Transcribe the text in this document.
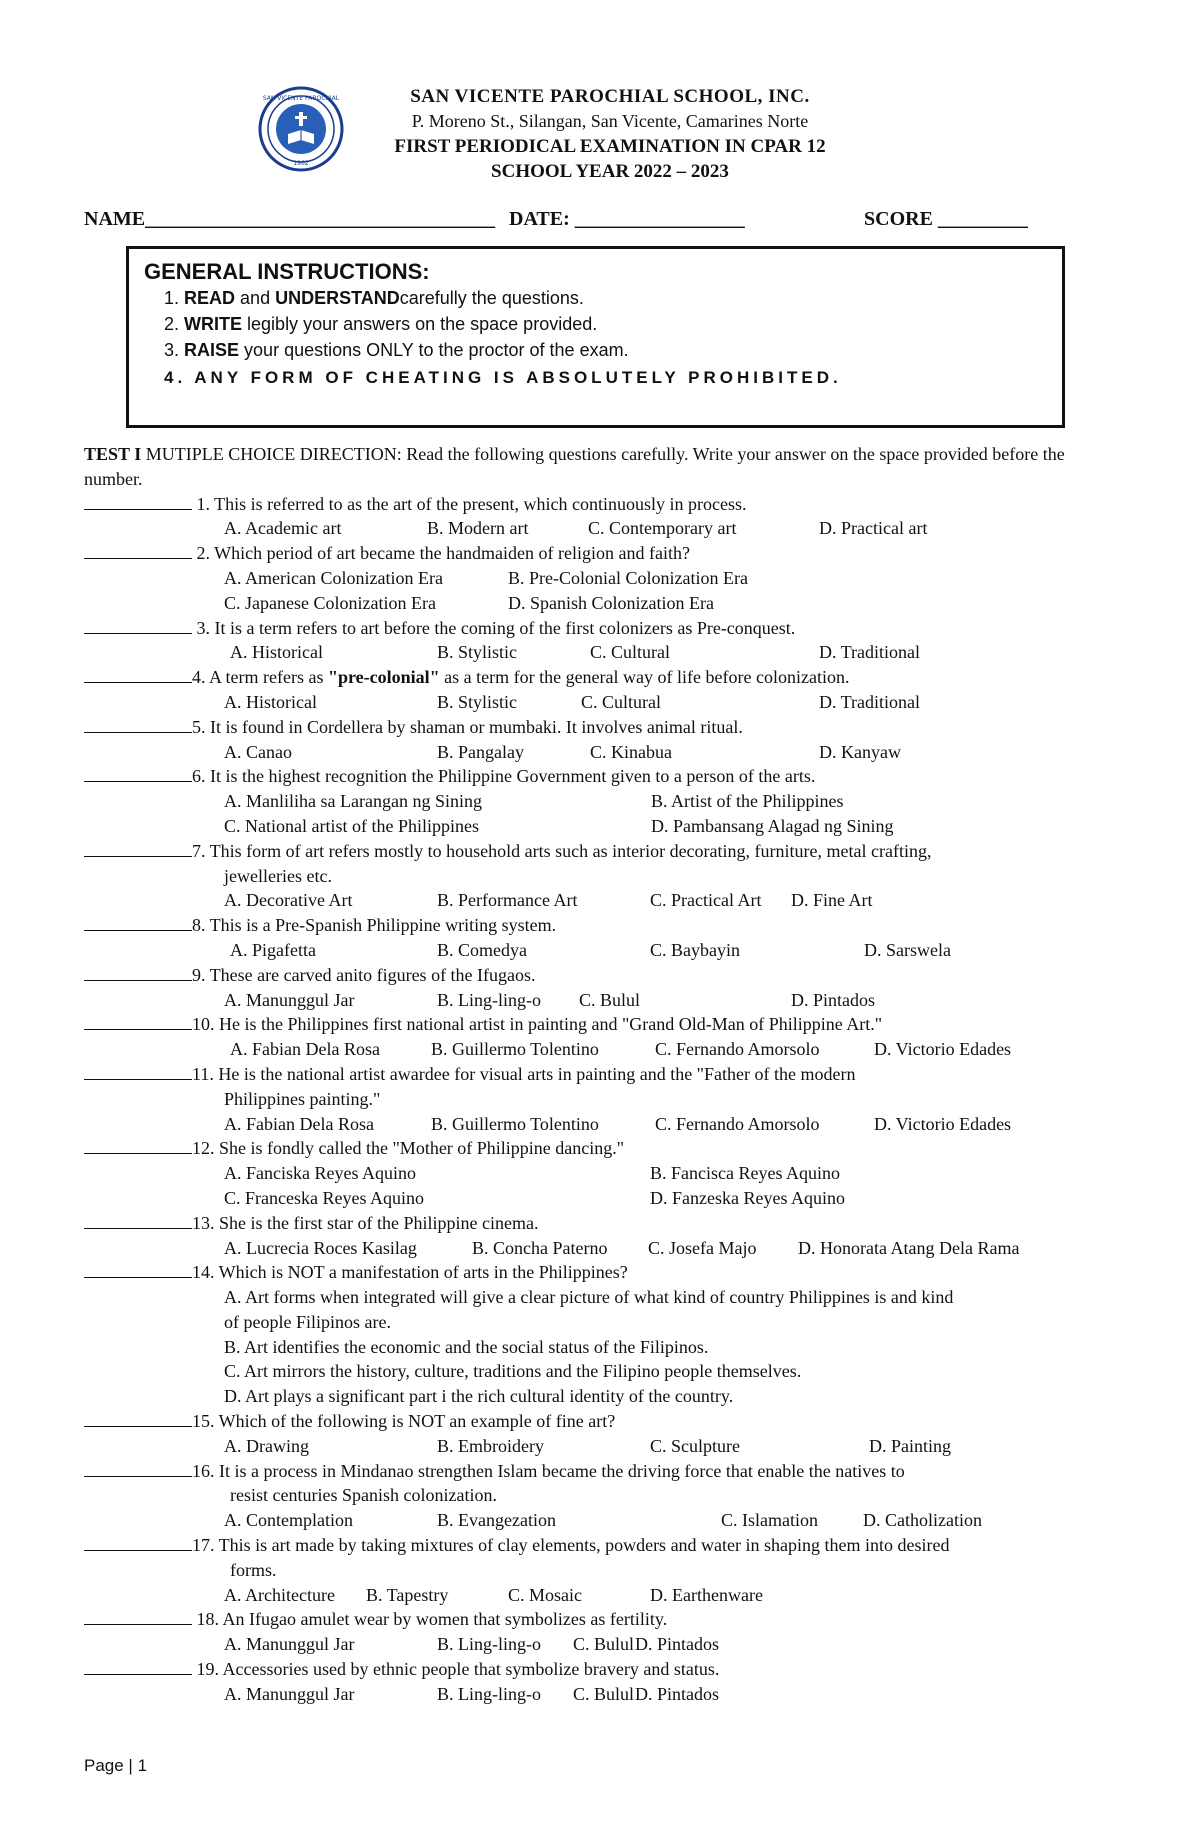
SAN VICENTE PAROCHIAL
1962
SAN VICENTE PAROCHIAL SCHOOL, INC.
P. Moreno St., Silangan, San Vicente, Camarines Norte
FIRST PERIODICAL EXAMINATION IN CPAR 12
SCHOOL YEAR 2022 – 2023
NAME___________________________________ DATE: _________________	SCORE _________
GENERAL INSTRUCTIONS:
1. READ and UNDERSTANDcarefully the questions.
2. WRITE legibly your answers on the space provided.
3. RAISE your questions ONLY to the proctor of the exam.
4. ANY FORM OF CHEATING IS ABSOLUTELY PROHIBITED.
TEST I MUTIPLE CHOICE DIRECTION: Read the following questions carefully. Write your answer on the space provided before the number.
1. This is referred to as the art of the present, which continuously in process.
A. Academic art	B. Modern art	C. Contemporary art	D. Practical art
2. Which period of art became the handmaiden of religion and faith?
A. American Colonization Era	B. Pre-Colonial Colonization Era
C. Japanese Colonization Era	D. Spanish Colonization Era
3. It is a term refers to art before the coming of the first colonizers as Pre-conquest.
A. Historical	B. Stylistic	C. Cultural	D. Traditional
4. A term refers as "pre-colonial" as a term for the general way of life before colonization.
A. Historical	B. Stylistic	C. Cultural	D. Traditional
5. It is found in Cordellera by shaman or mumbaki. It involves animal ritual.
A. Canao	B. Pangalay	C. Kinabua	D. Kanyaw
6. It is the highest recognition the Philippine Government given to a person of the arts.
A. Manliliha sa Larangan ng Sining	B. Artist of the Philippines
C. National artist of the Philippines	D. Pambansang Alagad ng Sining
7. This form of art refers mostly to household arts such as interior decorating, furniture, metal crafting,
jewelleries etc.
A. Decorative Art	B. Performance Art	C. Practical Art D. Fine Art
8. This is a Pre-Spanish Philippine writing system.
A. Pigafetta	B. Comedya	C. Baybayin	D. Sarswela
9. These are carved anito figures of the Ifugaos.
A. Manunggul Jar	B. Ling-ling-o C. Bulul	D. Pintados
10. He is the Philippines first national artist in painting and "Grand Old-Man of Philippine Art."
A. Fabian Dela Rosa	B. Guillermo Tolentino	C. Fernando Amorsolo	D. Victorio Edades
11. He is the national artist awardee for visual arts in painting and the "Father of the modern
Philippines painting."
A. Fabian Dela Rosa	B. Guillermo Tolentino	C. Fernando Amorsolo	D. Victorio Edades
12. She is fondly called the "Mother of Philippine dancing."
A. Fanciska Reyes Aquino	B. Fancisca Reyes Aquino
C. Franceska Reyes Aquino	D. Fanzeska Reyes Aquino
13. She is the first star of the Philippine cinema.
A. Lucrecia Roces Kasilag	B. Concha Paterno C. Josefa Majo D. Honorata Atang Dela Rama
14. Which is NOT a manifestation of arts in the Philippines?
A. Art forms when integrated will give a clear picture of what kind of country Philippines is and kind
of people Filipinos are.
B. Art identifies the economic and the social status of the Filipinos.
C. Art mirrors the history, culture, traditions and the Filipino people themselves.
D. Art plays a significant part i the rich cultural identity of the country.
15. Which of the following is NOT an example of fine art?
A. Drawing	B. Embroidery	C. Sculpture	D. Painting
16. It is a process in Mindanao strengthen Islam became the driving force that enable the natives to
resist centuries Spanish colonization.
A. Contemplation	B. Evangezation	C. Islamation	D. Catholization
17. This is art made by taking mixtures of clay elements, powders and water in shaping them into desired
forms.
A. Architecture B. Tapestry	C. Mosaic	D. Earthenware
18. An Ifugao amulet wear by women that symbolizes as fertility.
A. Manunggul Jar	B. Ling-ling-o C. Bulul D. Pintados
19. Accessories used by ethnic people that symbolize bravery and status.
A. Manunggul Jar	B. Ling-ling-o C. Bulul D. Pintados
Page | 1
